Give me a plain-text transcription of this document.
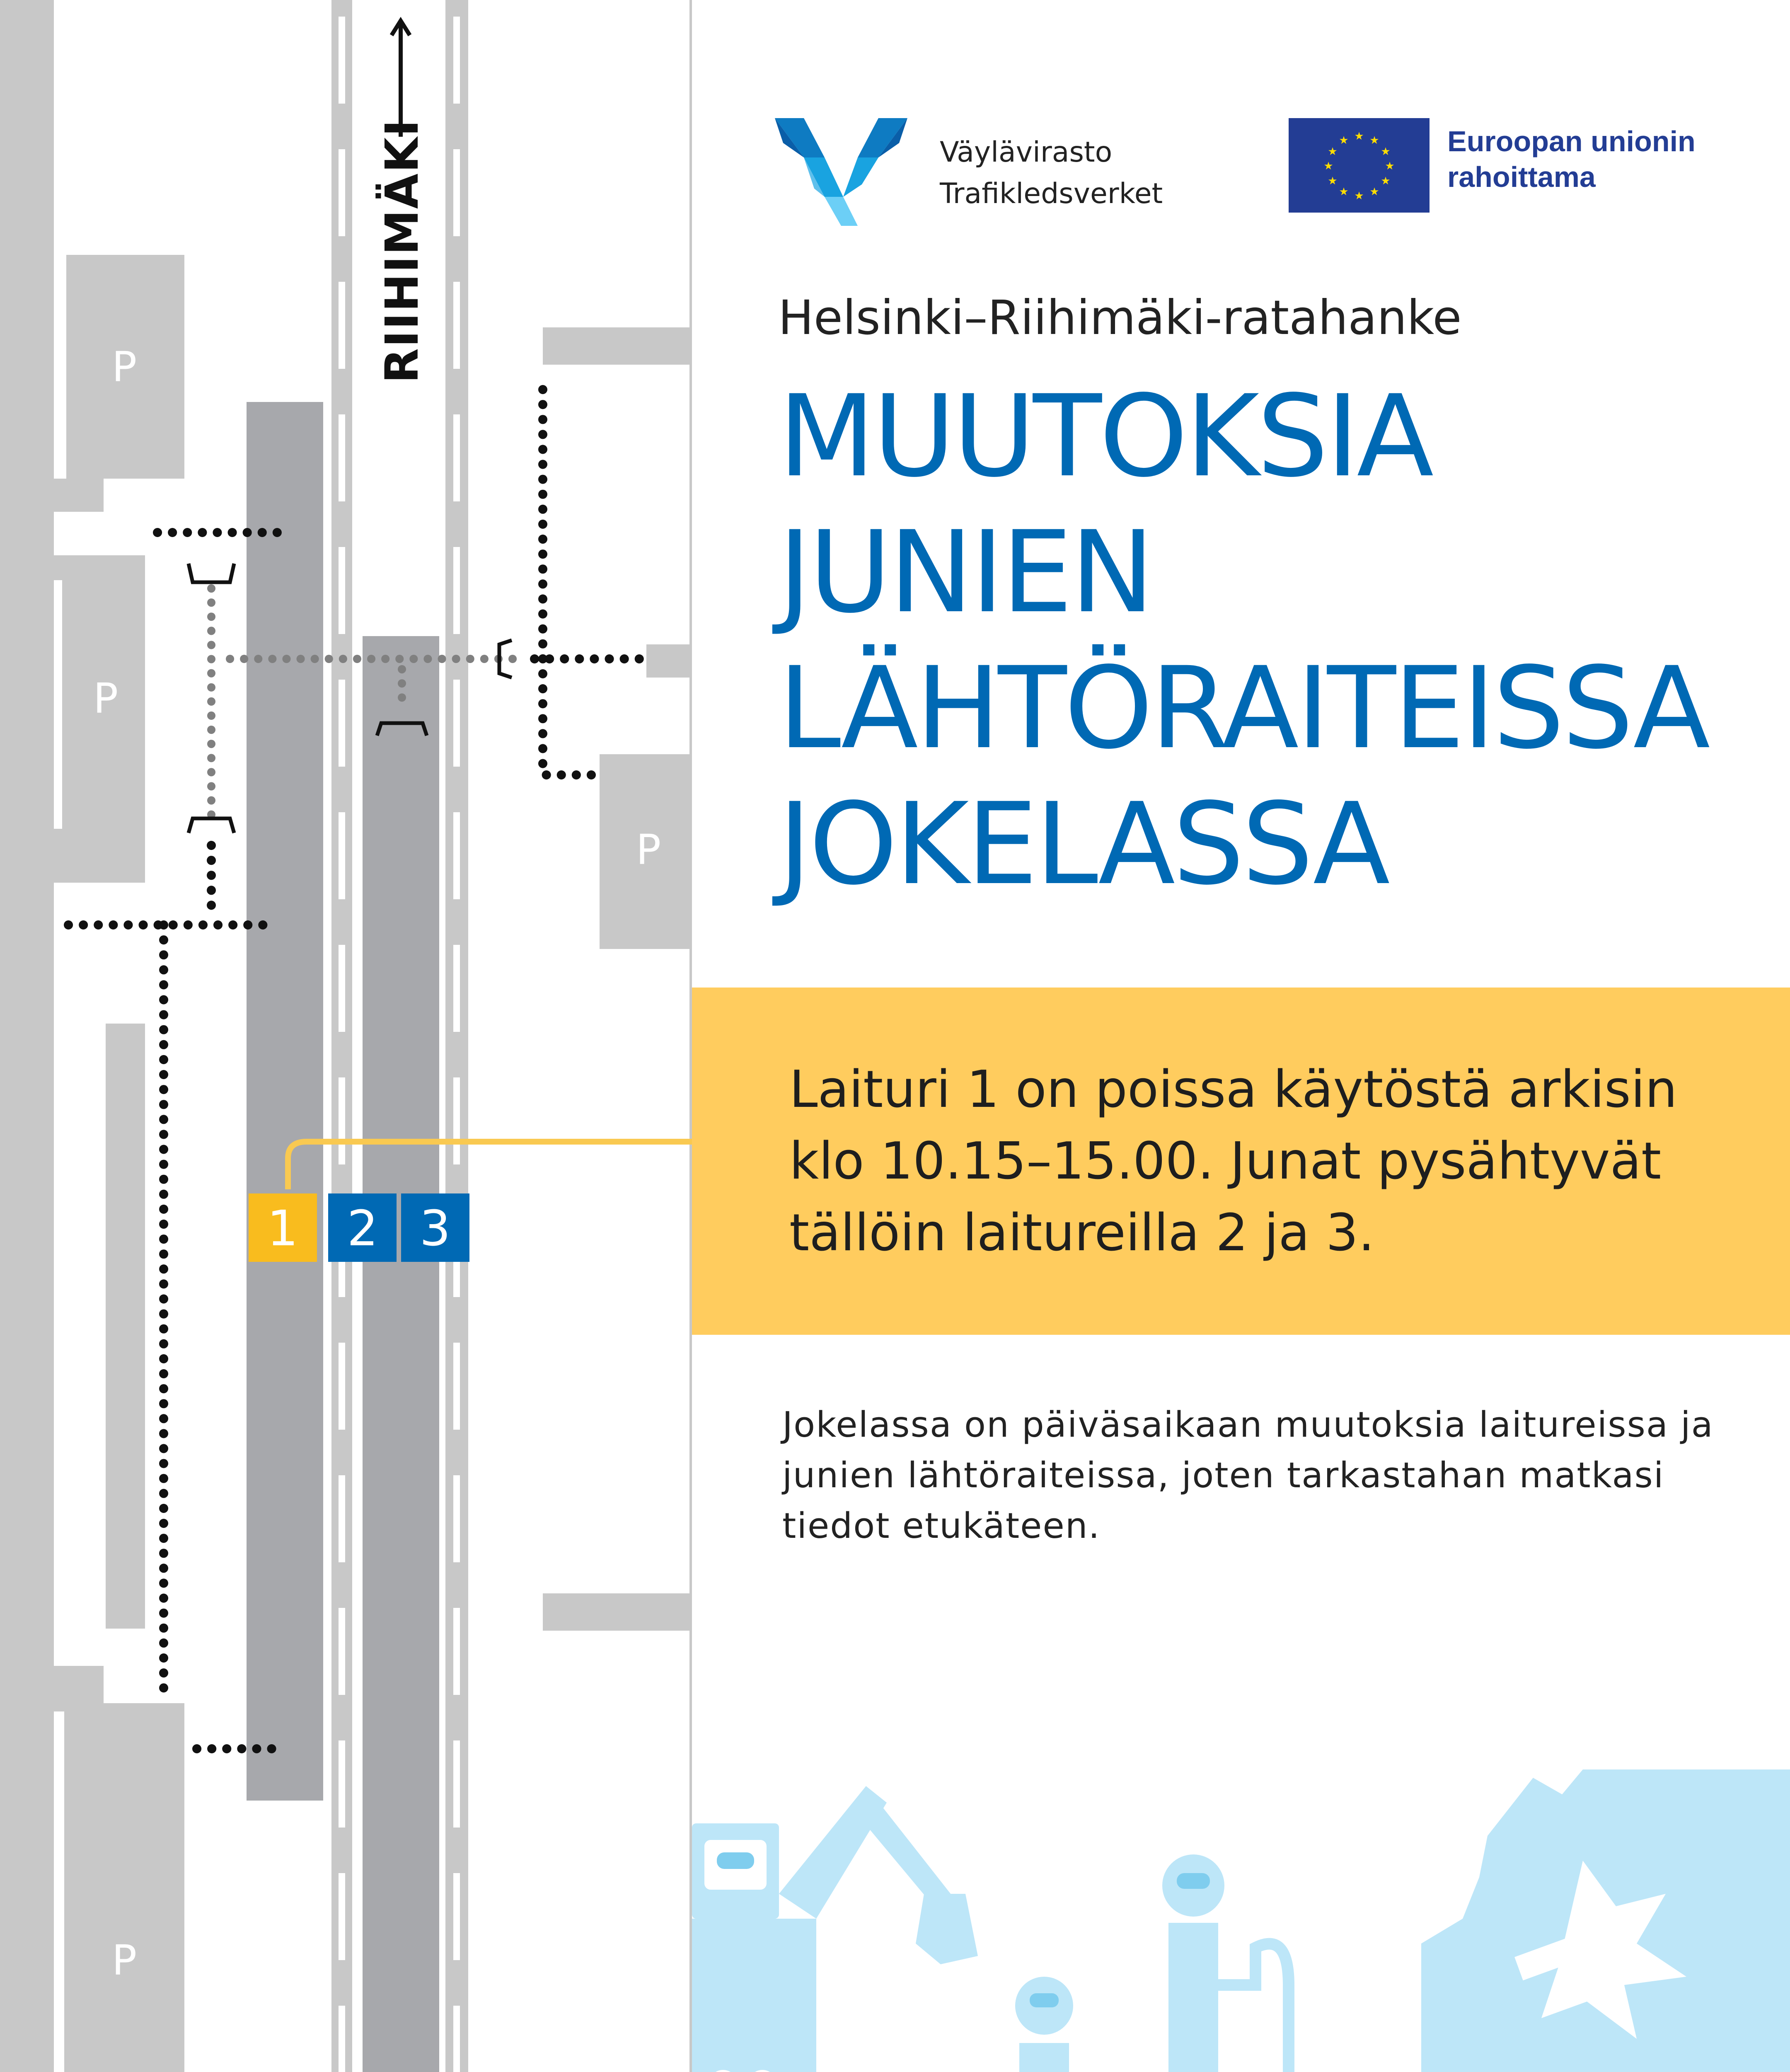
P
P
P
P
RIIHIMÄKI
1 2 3
Väylävirasto
Trafikledsverket
★ ★
★
★
★
★
★
★
★
★
★
★	Euroopan unionin
rahoittama
Helsinki–Riihimäki-ratahanke
MUUTOKSIA
JUNIEN
LÄHTÖRAITEISSA
JOKELASSA
Laituri 1 on poissa käytöstä arkisin klo 10.15–15.00. Junat pysähtyvät tällöin laitureilla 2 ja 3.
Jokelassa on päiväsaikaan muutoksia laitureissa ja junien lähtöraiteissa, joten tarkastahan matkasi tiedot etukäteen.
